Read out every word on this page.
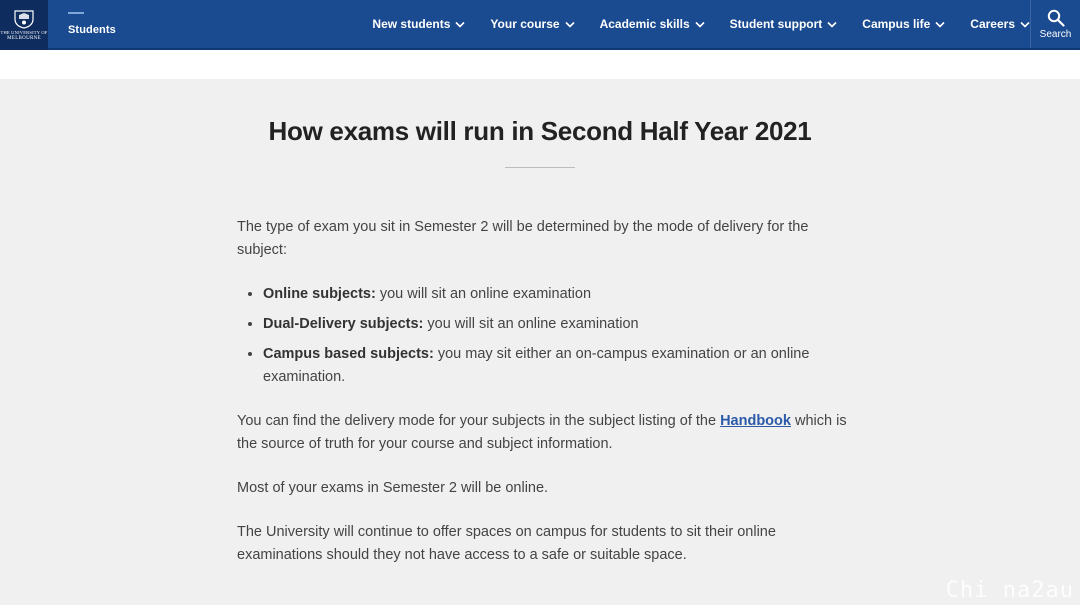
THE UNIVERSITY OF
MELBOURNE
Students	New students	Your course	Academic skills	Student support	Campus life	Careers
Search
How exams will run in Second Half Year 2021

The type of exam you sit in Semester 2 will be determined by the mode of delivery for the subject:

• Online subjects: you will sit an online examination
• Dual-Delivery subjects: you will sit an online examination
• Campus based subjects: you may sit either an on-campus examination or an online examination.

You can find the delivery mode for your subjects in the subject listing of the Handbook which is the source of truth for your course and subject information.

Most of your exams in Semester 2 will be online.

The University will continue to offer spaces on campus for students to sit their online examinations should they not have access to a safe or suitable space.

Chi na2au
